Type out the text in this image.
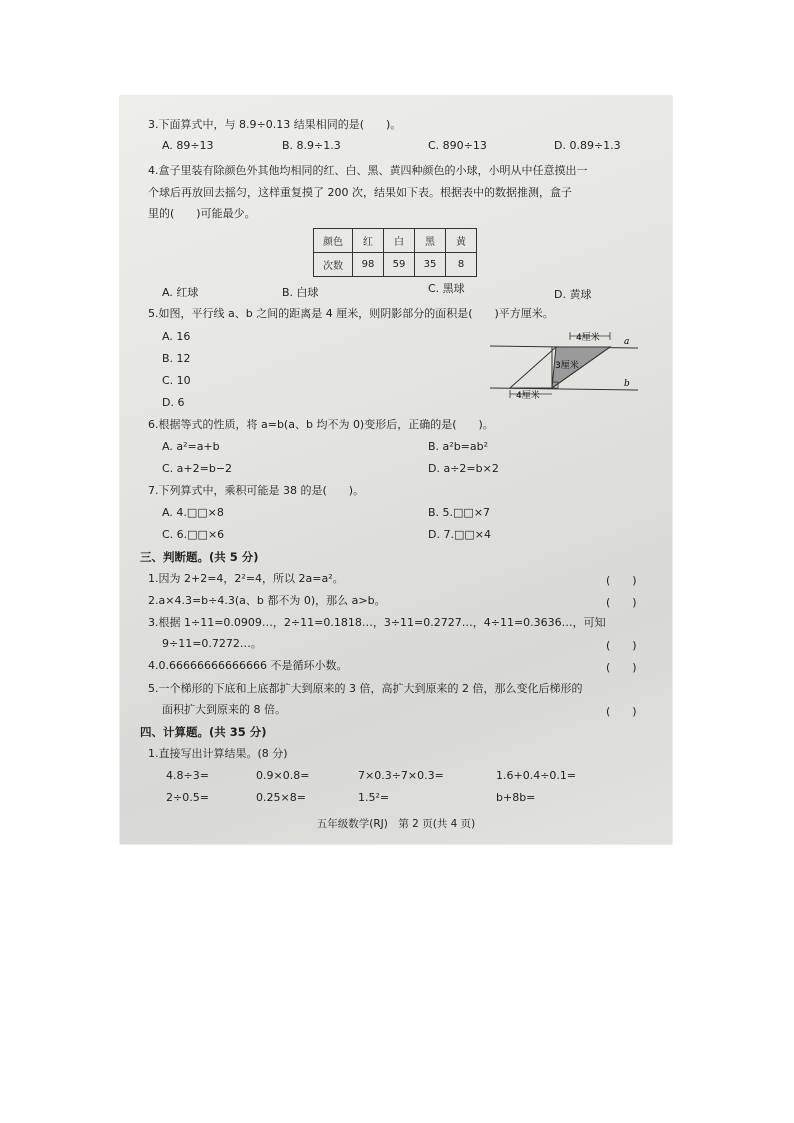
3.下面算式中，与 8.9÷0.13 结果相同的是(　　)。
A. 89÷13	B. 8.9÷1.3	C. 890÷13	D. 0.89÷1.3
4.盒子里装有除颜色外其他均相同的红、白、黑、黄四种颜色的小球，小明从中任意摸出一
个球后再放回去摇匀，这样重复摸了 200 次，结果如下表。根据表中的数据推测，盒子
里的(　　)可能最少。
颜色	红	白	黑	黄
次数	98	59	35	8
A. 红球	B. 白球	C. 黑球	D. 黄球
5.如图，平行线 a、b 之间的距离是 4 厘米，则阴影部分的面积是(　　)平方厘米。
A. 16
B. 12
C. 10
D. 6
4厘米
3厘米
4厘米
a
b
6.根据等式的性质，将 a=b(a、b 均不为 0)变形后，正确的是(　　)。
A. a²=a+b	B. a²b=ab²
C. a+2=b−2	D. a÷2=b×2
7.下列算式中，乘积可能是 38 的是(　　)。
A. 4.□□×8	B. 5.□□×7
C. 6.□□×6	D. 7.□□×4
三、判断题。(共 5 分)
1.因为 2+2=4，2²=4，所以 2a=a²。	(　　)
2.a×4.3=b÷4.3(a、b 都不为 0)，那么 a>b。	(　　)
3.根据 1÷11=0.0909…，2÷11=0.1818…，3÷11=0.2727…，4÷11=0.3636…，可知
9÷11=0.7272…。	(　　)
4.0.66666666666666 不是循环小数。	(　　)
5.一个梯形的下底和上底都扩大到原来的 3 倍，高扩大到原来的 2 倍，那么变化后梯形的
面积扩大到原来的 8 倍。	(　　)
四、计算题。(共 35 分)
1.直接写出计算结果。(8 分)
4.8÷3=	0.9×0.8=	7×0.3÷7×0.3=	1.6+0.4÷0.1=
2÷0.5=	0.25×8=	1.5²=	b+8b=
五年级数学(RJ)　第 2 页(共 4 页)
